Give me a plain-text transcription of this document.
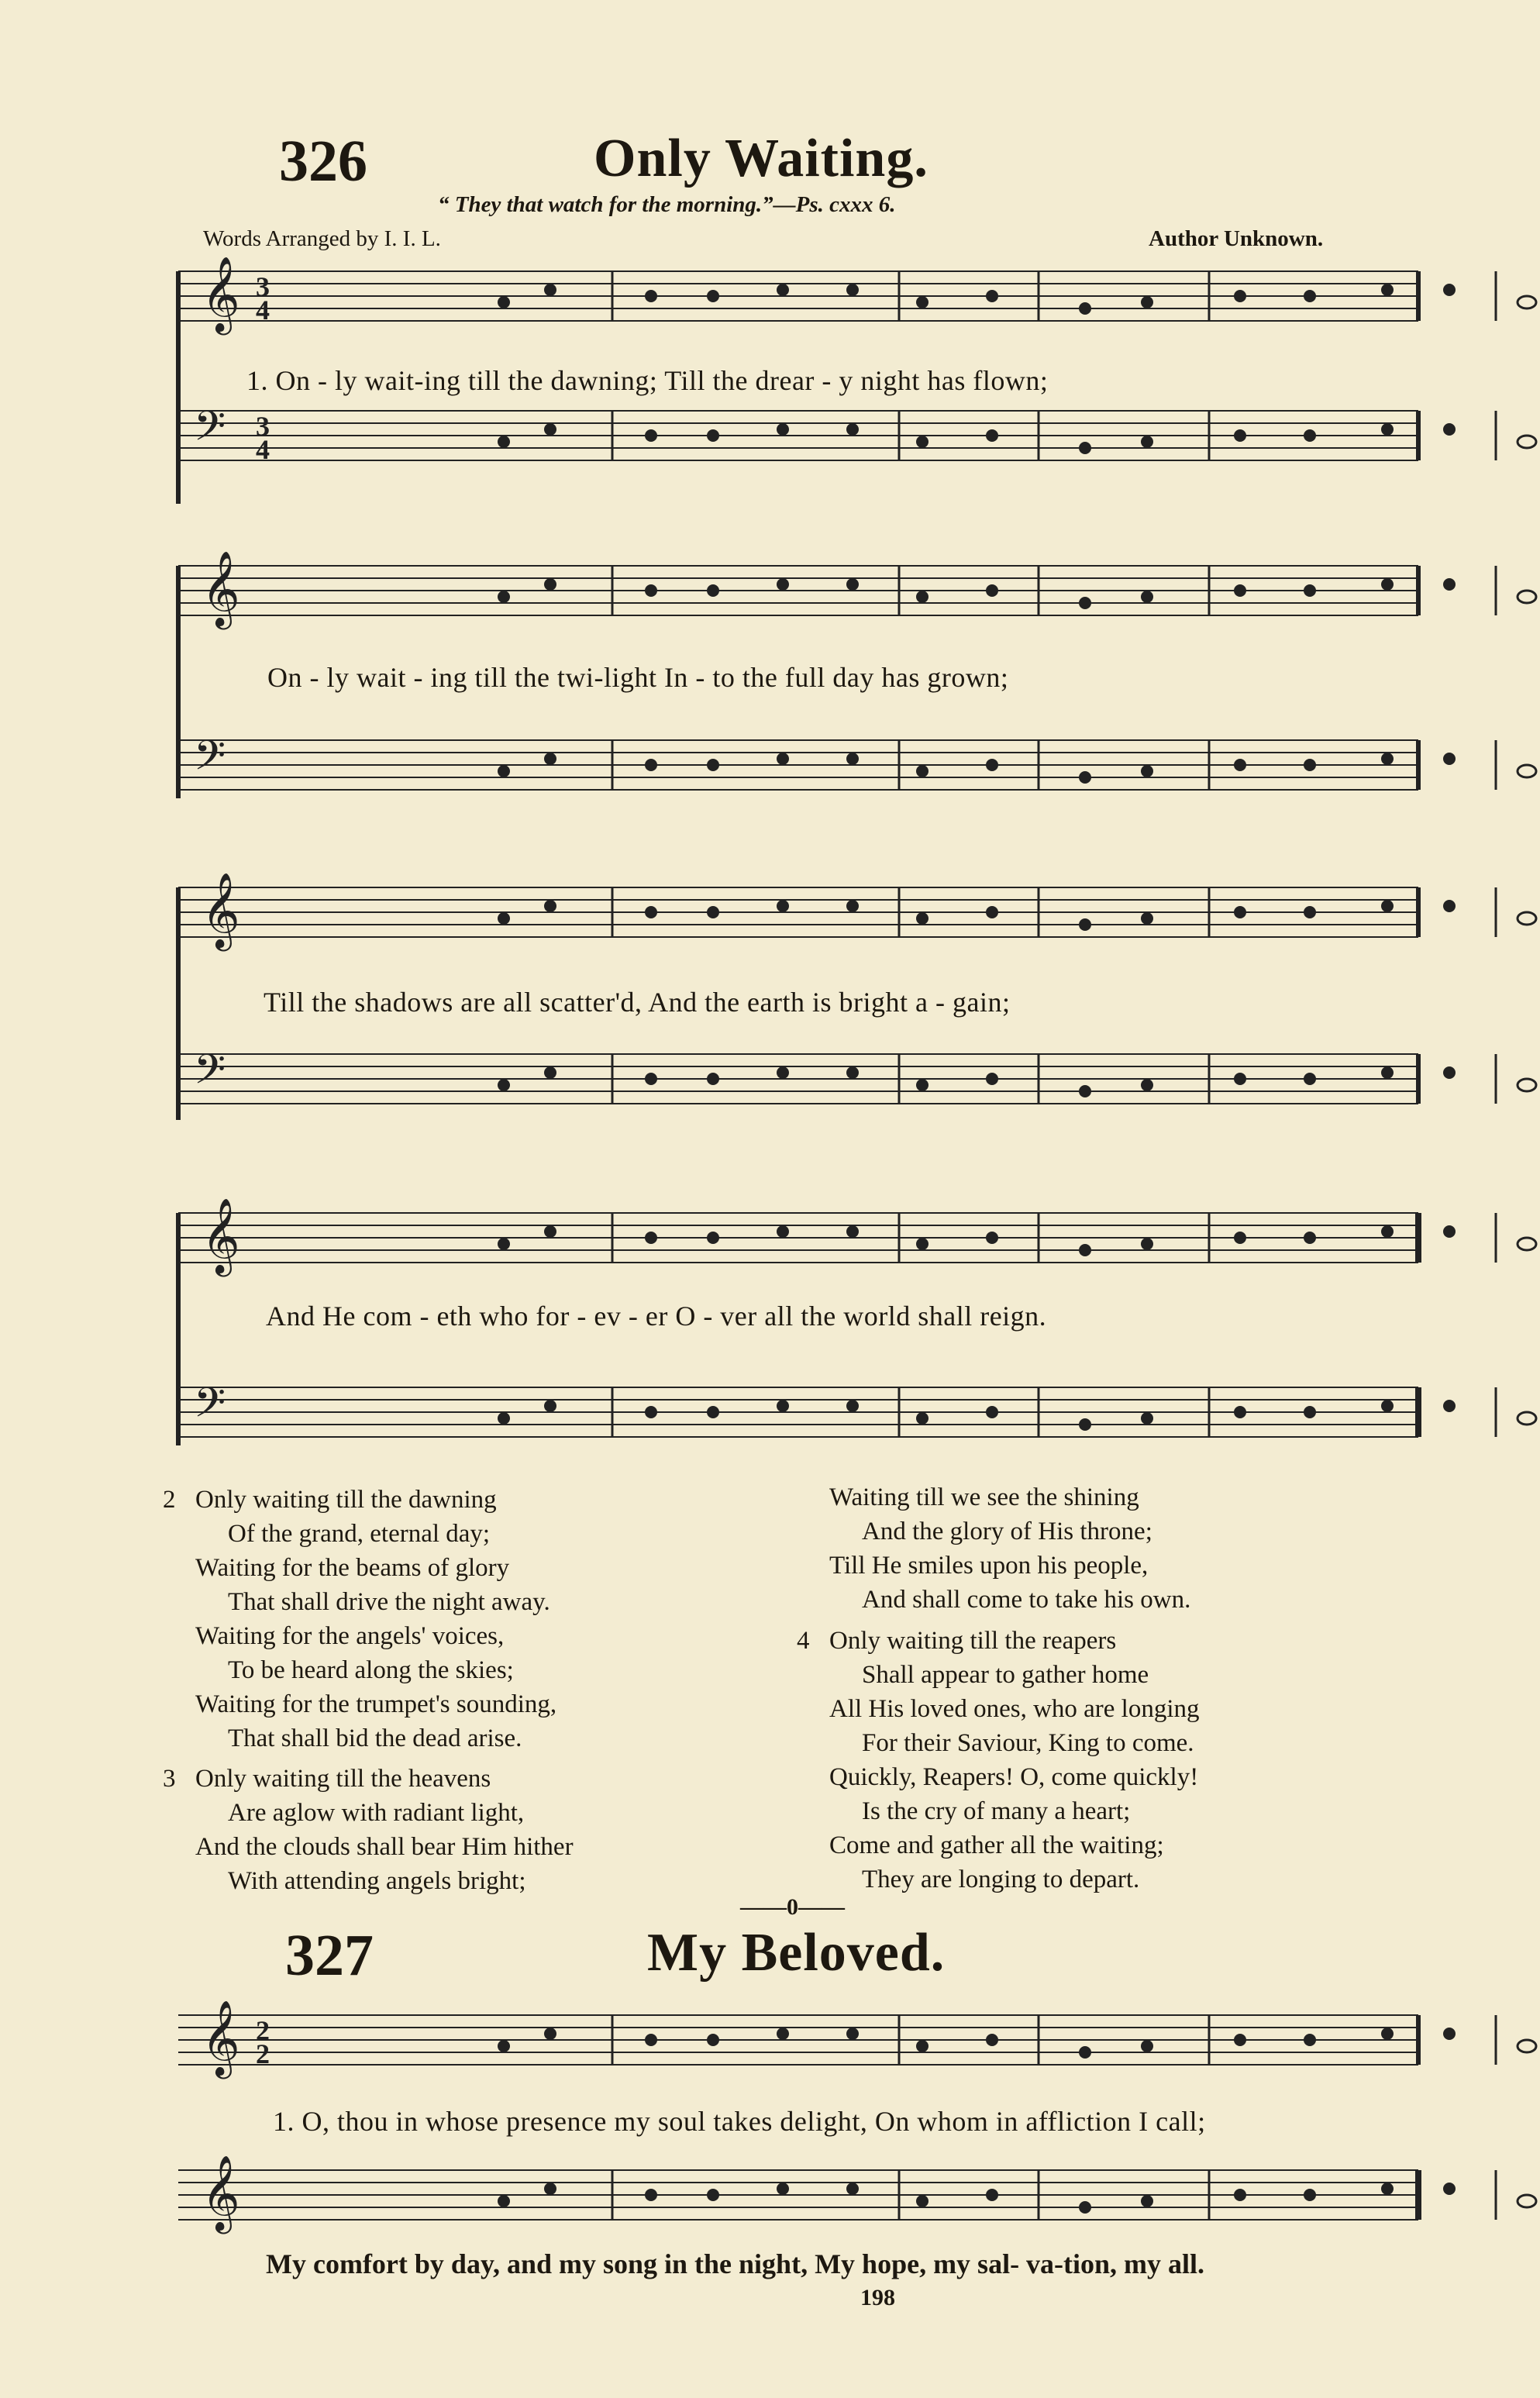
326	Only Waiting.
“ They that watch for the morning.”—Ps. cxxx 6.
Words Arranged by I. I. L.	Author Unknown.
𝄞 3
4
𝄢 3
4
𝄞
𝄢
𝄞
𝄢
𝄞
𝄢
𝄞 2
2
𝄞
1. On - ly wait-ing till the dawning; Till the drear - y night has flown;
On - ly wait - ing till the twi-light In - to the full day has grown;
Till the shadows are all scatter'd, And the earth is bright a - gain;
And He com - eth who for - ev - er O - ver all the world shall reign.
2 Only waiting till the dawning
Of the grand, eternal day;
Waiting for the beams of glory
That shall drive the night away.
Waiting for the angels' voices,
To be heard along the skies;
Waiting for the trumpet's sounding,
That shall bid the dead arise.
3 Only waiting till the heavens
Are aglow with radiant light,
And the clouds shall bear Him hither
With attending angels bright;
Waiting till we see the shining
And the glory of His throne;
Till He smiles upon his people,
And shall come to take his own.
4 Only waiting till the reapers
Shall appear to gather home
All His loved ones, who are longing
For their Saviour, King to come.
Quickly, Reapers! O, come quickly!
Is the cry of many a heart;
Come and gather all the waiting;
They are longing to depart.
——0——
327	My Beloved.
1. O, thou in whose presence my soul takes delight, On whom in affliction I call;
My comfort by day, and my song in the night, My hope, my sal- va-tion, my all.
198
